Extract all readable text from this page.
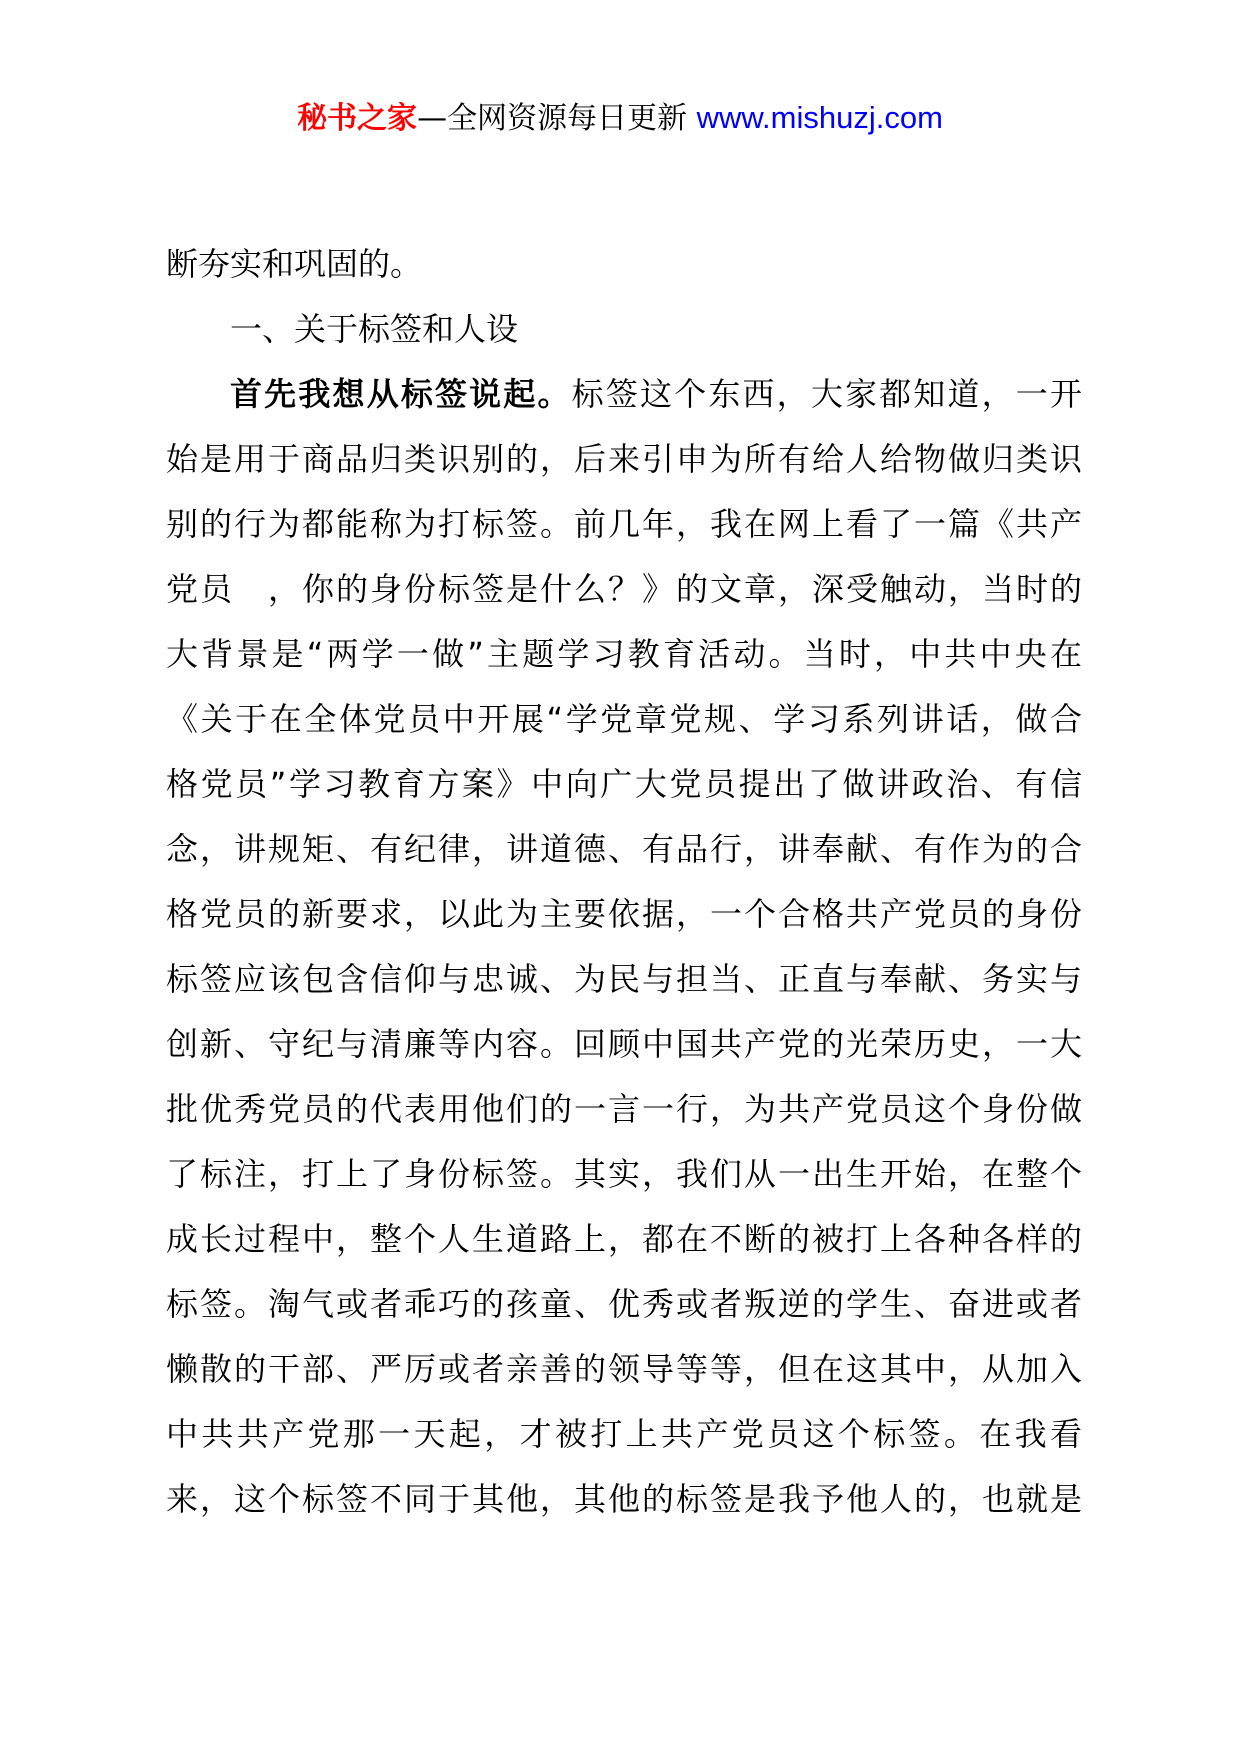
秘书之家—全网资源每日更新 www.mishuzj.com
断夯实和巩固的。
一、关于标签和人设
首先我想从标签说起。标签这个东西，大家都知道，一开
始是用于商品归类识别的，后来引申为所有给人给物做归类识
别的行为都能称为打标签。前几年，我在网上看了一篇《共产
党员　，你的身份标签是什么？》的文章，深受触动，当时的
大背景是“两学一做”主题学习教育活动。当时，中共中央在
《关于在全体党员中开展“学党章党规、学习系列讲话，做合
格党员”学习教育方案》中向广大党员提出了做讲政治、有信
念，讲规矩、有纪律，讲道德、有品行，讲奉献、有作为的合
格党员的新要求，以此为主要依据，一个合格共产党员的身份
标签应该包含信仰与忠诚、为民与担当、正直与奉献、务实与
创新、守纪与清廉等内容。回顾中国共产党的光荣历史，一大
批优秀党员的代表用他们的一言一行，为共产党员这个身份做
了标注，打上了身份标签。其实，我们从一出生开始，在整个
成长过程中，整个人生道路上，都在不断的被打上各种各样的
标签。淘气或者乖巧的孩童、优秀或者叛逆的学生、奋进或者
懒散的干部、严厉或者亲善的领导等等，但在这其中，从加入
中共共产党那一天起，才被打上共产党员这个标签。在我看
来，这个标签不同于其他，其他的标签是我予他人的，也就是
